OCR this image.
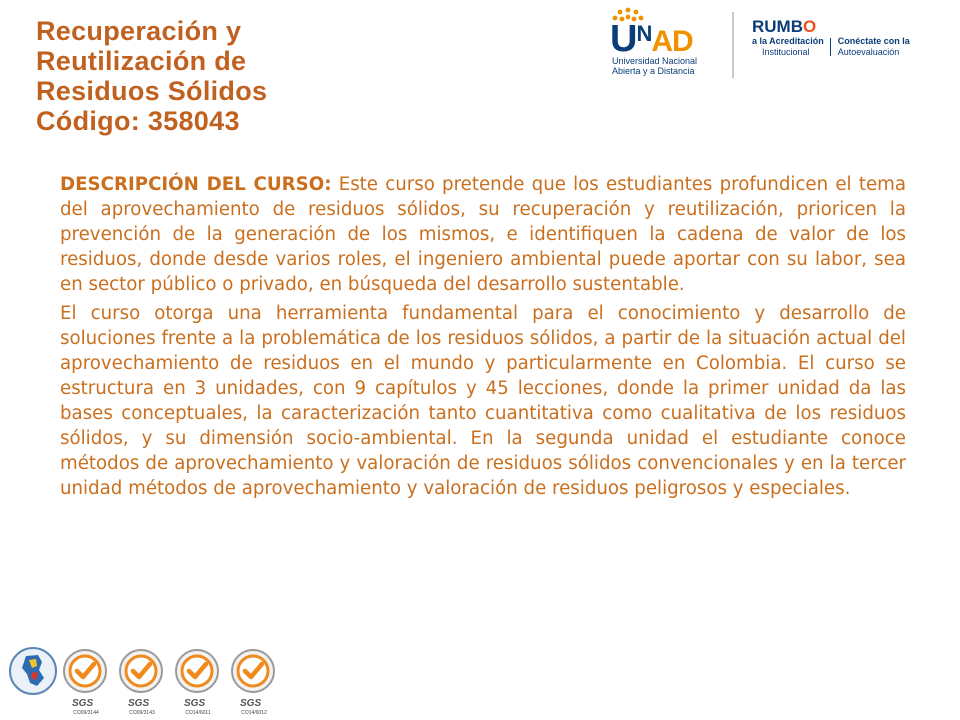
Recuperación y
Reutilización de
Residuos Sólidos
Código: 358043
$U^NAD$
Universidad Nacional
Abierta y a Distancia
RUMBO
a la Acreditación
Institucional

Conéctate con la
Autoevaluación

DESCRIPCIÓN DEL CURSO: Este curso pretende que los estudiantes profundicen el tema del aprovechamiento de residuos sólidos, su recuperación y reutilización, prioricen la prevención de la generación de los mismos, e identifiquen la cadena de valor de los residuos, donde desde varios roles, el ingeniero ambiental puede aportar con su labor, sea en sector público o privado, en búsqueda del desarrollo sustentable.

El curso otorga una herramienta fundamental para el conocimiento y desarrollo de soluciones frente a la problemática de los residuos sólidos, a partir de la situación actual del aprovechamiento de residuos en el mundo y particularmente en Colombia. El curso se estructura en 3 unidades, con 9 capítulos y 45 lecciones, donde la primer unidad da las bases conceptuales, la caracterización tanto cuantitativa como cualitativa de los residuos sólidos, y su dimensión socio-ambiental. En la segunda unidad el estudiante conoce métodos de aprovechamiento y valoración de residuos sólidos convencionales y en la tercer unidad métodos de aprovechamiento y valoración de residuos peligrosos y especiales.

SGS
CO09/3144
SGS
CO09/3143
SGS
CO14/6011
SGS
CO14/6012
